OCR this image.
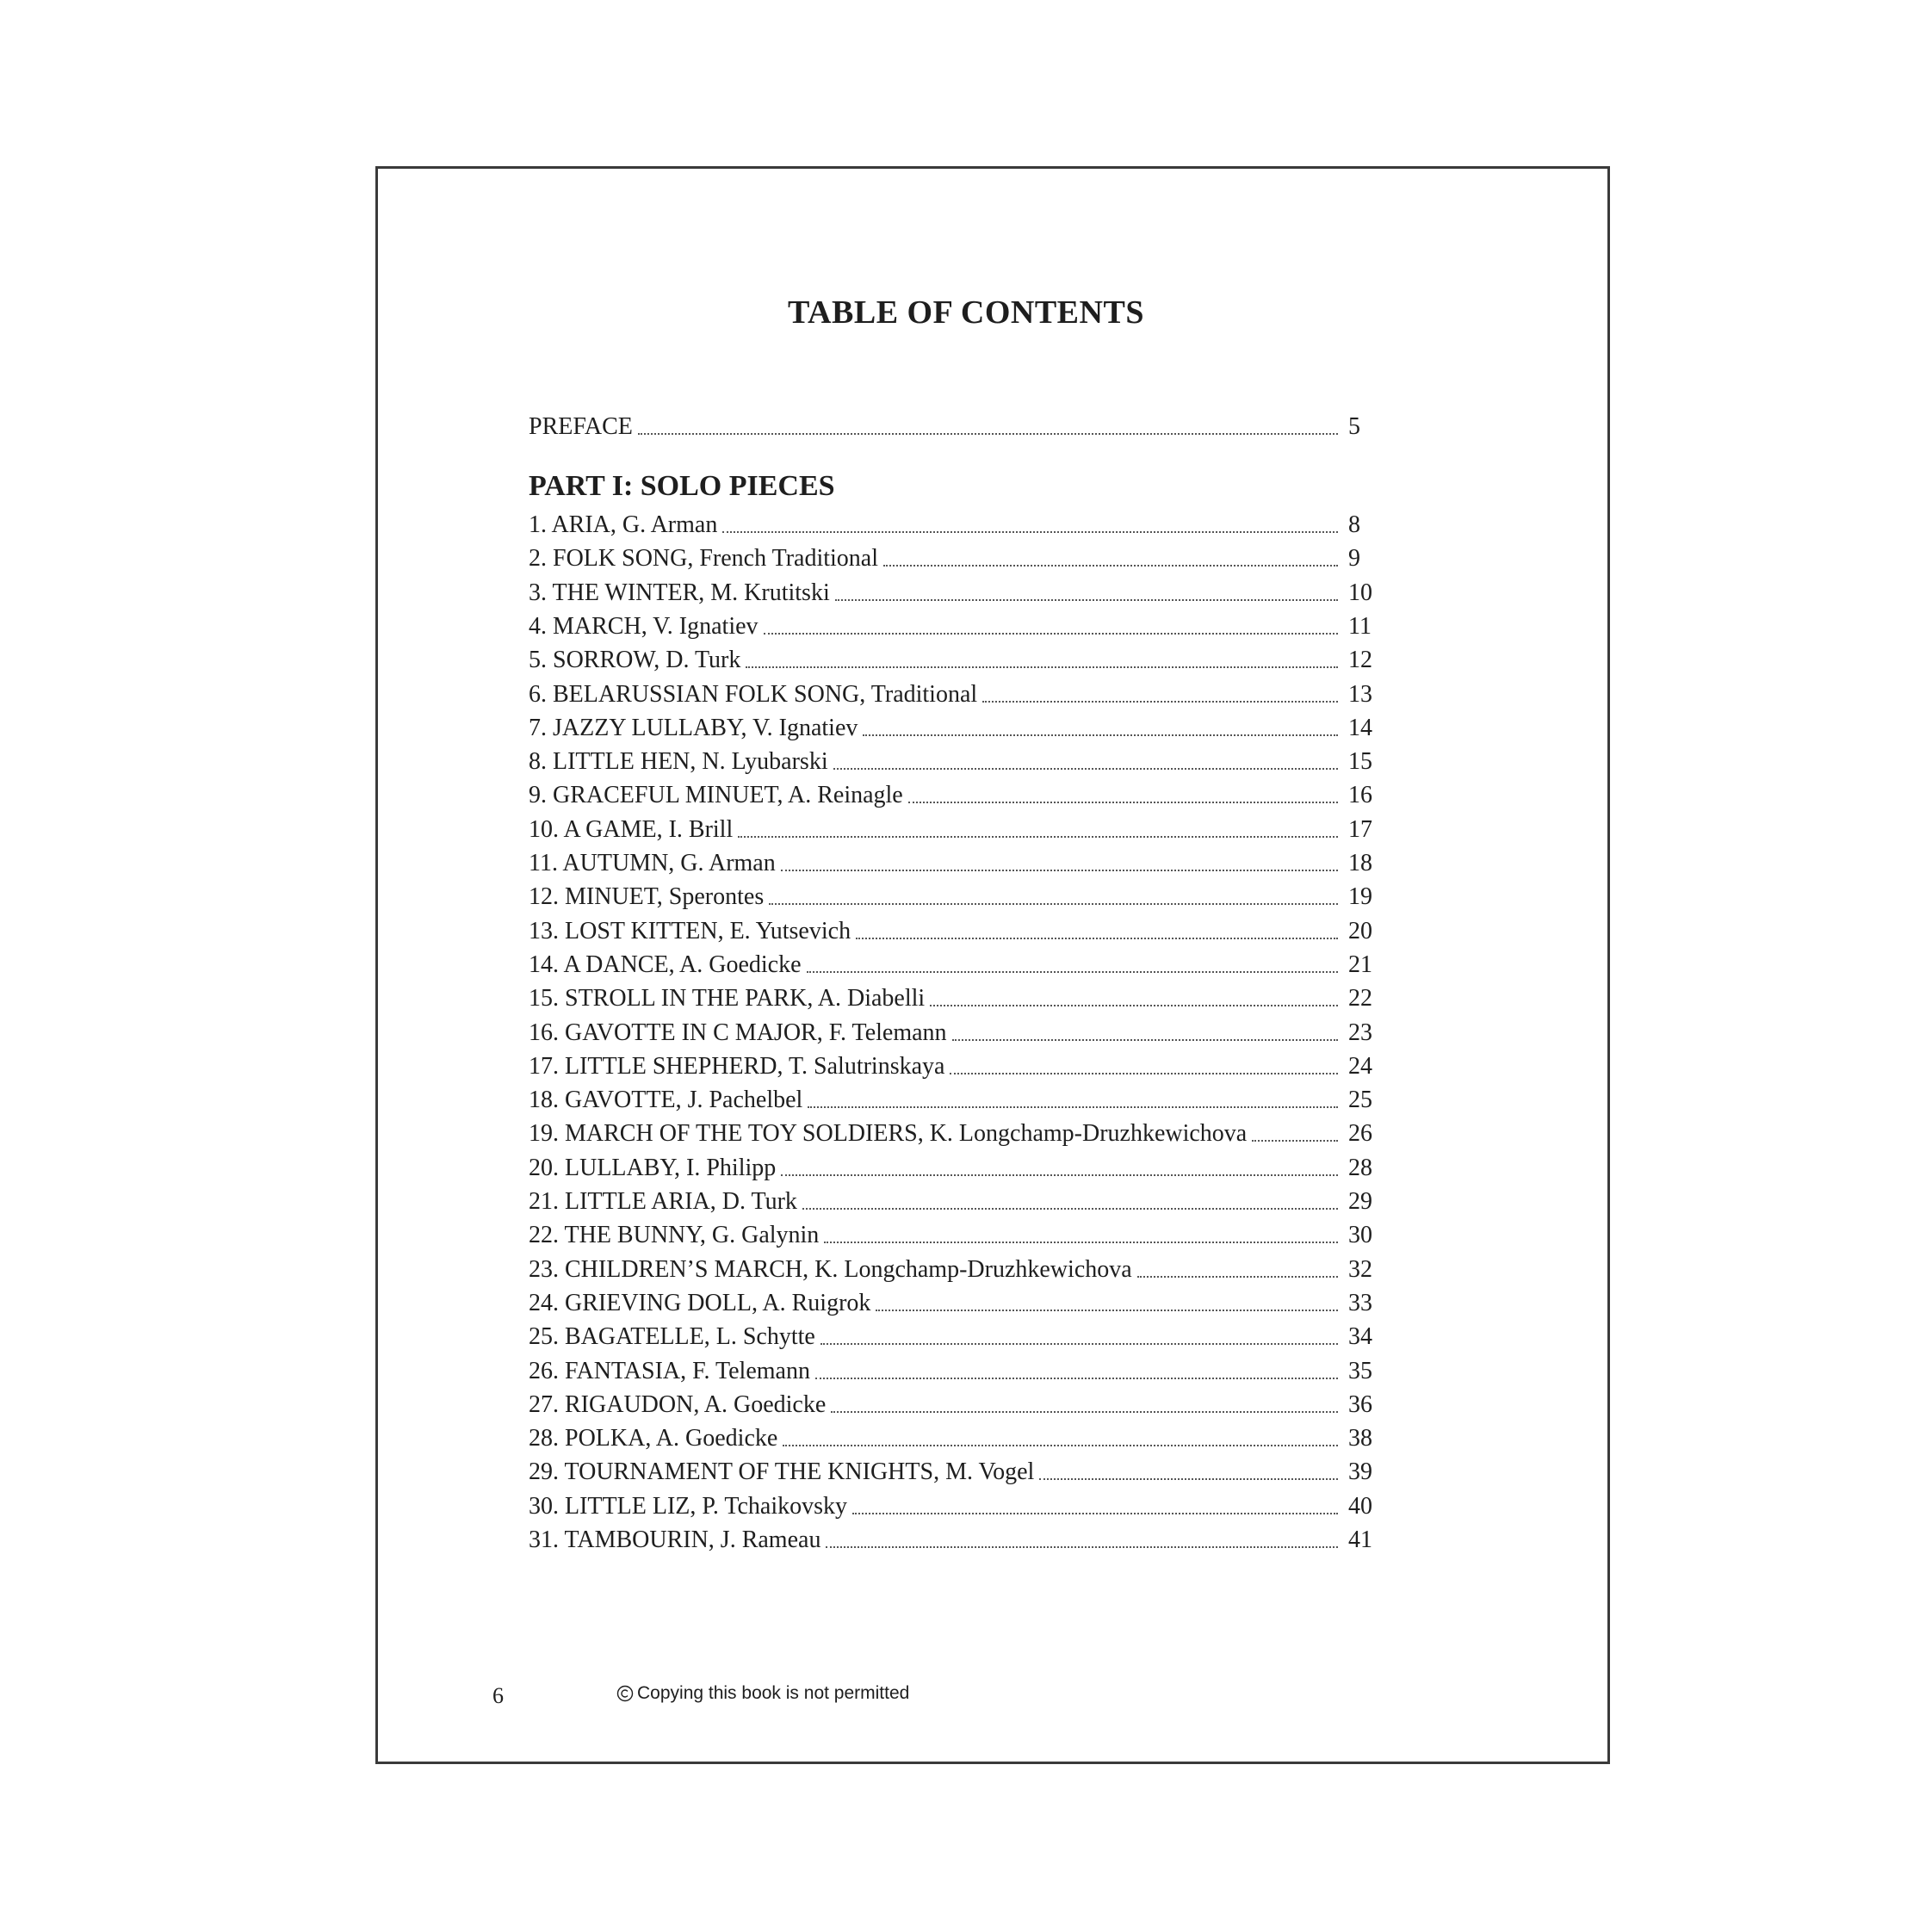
TABLE OF CONTENTS
PREFACE	5
PART I: SOLO PIECES
1. ARIA, G. Arman	8
2. FOLK SONG, French Traditional	9
3. THE WINTER, M. Krutitski	10
4. MARCH, V. Ignatiev	11
5. SORROW, D. Turk	12
6. BELARUSSIAN FOLK SONG, Traditional	13
7. JAZZY LULLABY, V. Ignatiev	14
8. LITTLE HEN, N. Lyubarski	15
9. GRACEFUL MINUET, A. Reinagle	16
10. A GAME, I. Brill	17
11. AUTUMN, G. Arman	18
12. MINUET, Sperontes	19
13. LOST KITTEN, E. Yutsevich	20
14. A DANCE, A. Goedicke	21
15. STROLL IN THE PARK, A. Diabelli	22
16. GAVOTTE IN C MAJOR, F. Telemann	23
17. LITTLE SHEPHERD, T. Salutrinskaya	24
18. GAVOTTE, J. Pachelbel	25
19. MARCH OF THE TOY SOLDIERS, K. Longchamp-Druzhkewichova	26
20. LULLABY, I. Philipp	28
21. LITTLE ARIA, D. Turk	29
22. THE BUNNY, G. Galynin	30
23. CHILDREN’S MARCH, K. Longchamp-Druzhkewichova	32
24. GRIEVING DOLL, A. Ruigrok	33
25. BAGATELLE, L. Schytte	34
26. FANTASIA, F. Telemann	35
27. RIGAUDON, A. Goedicke	36
28. POLKA, A. Goedicke	38
29. TOURNAMENT OF THE KNIGHTS, M. Vogel	39
30. LITTLE LIZ, P. Tchaikovsky	40
31. TAMBOURIN, J. Rameau	41
6	Copying this book is not permitted
